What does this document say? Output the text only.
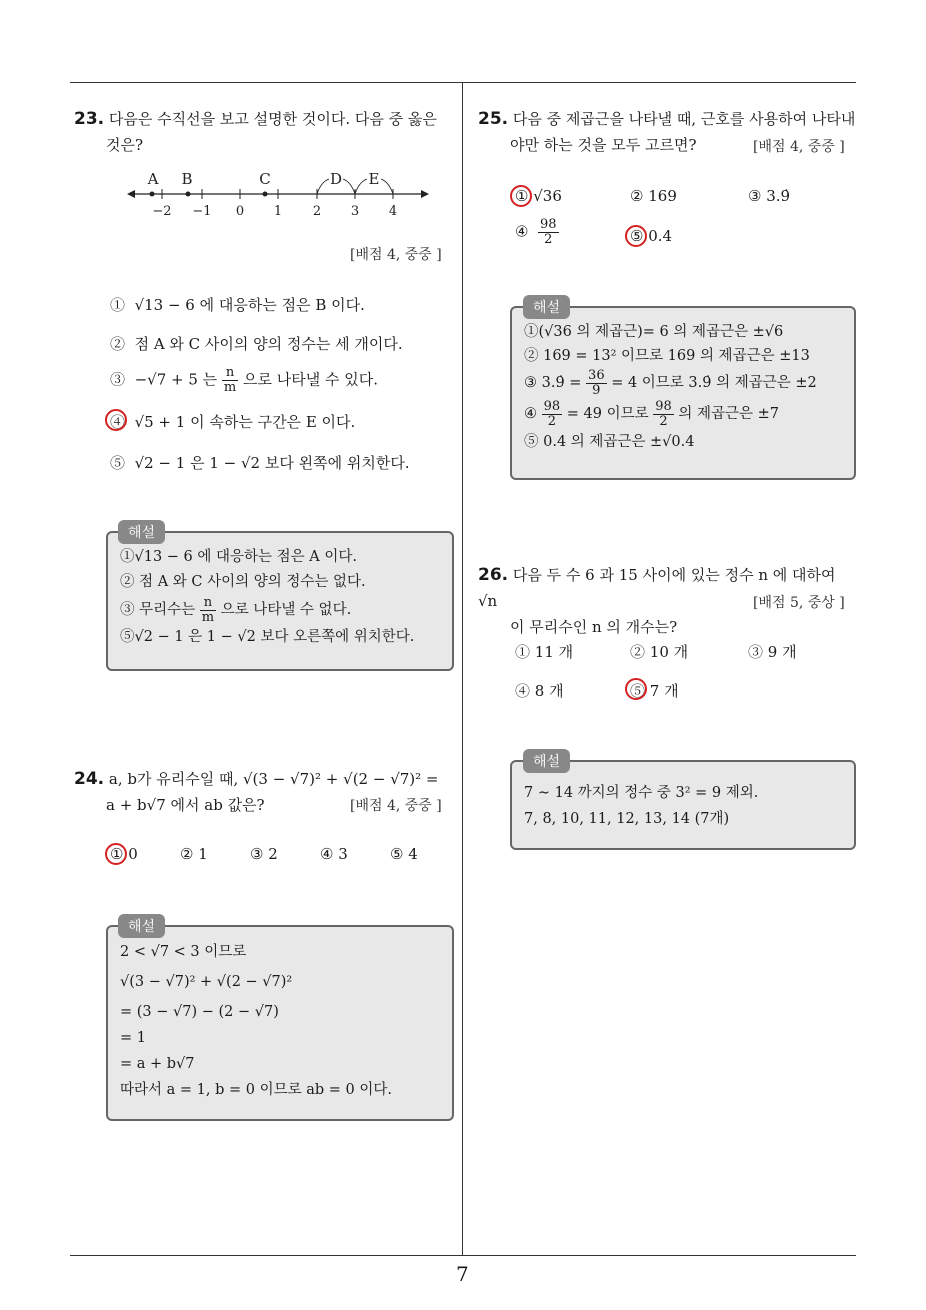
23. 다음은 수직선을 보고 설명한 것이다. 다음 중 옳은
것은?
A B	C	D E
−2 −1 0 1 2 3 4
[배점 4, 중중 ]
① √13 − 6 에 대응하는 점은 B 이다.
② 점 A 와 C 사이의 양의 정수는 세 개이다.
③ −√7 + 5 는 $\frac{n}{m}$ 으로 나타낼 수 있다.
④ √5 + 1 이 속하는 구간은 E 이다.
⑤ √2 − 1 은 1 − √2 보다 왼쪽에 위치한다.
해설
①√13 − 6 에 대응하는 점은 A 이다.
② 점 A 와 C 사이의 양의 정수는 없다.
③ 무리수는 $\frac{n}{m}$ 으로 나타낼 수 없다.
⑤√2 − 1 은 1 − √2 보다 오른쪽에 위치한다.
24. a, b가 유리수일 때, √(3 − √7)² + √(2 − √7)² =
a + b√7 에서 ab 값은?	[배점 4, 중중 ]
① 0	② 1	③ 2	④ 3	⑤ 4
해설
2 < √7 < 3 이므로
√(3 − √7)² + √(2 − √7)²
= (3 − √7) − (2 − √7)
= 1
= a + b√7
따라서 a = 1, b = 0 이므로 ab = 0 이다.
25. 다음 중 제곱근을 나타낼 때, 근호를 사용하여 나타내
야만 하는 것을 모두 고르면?	[배점 4, 중중 ]
① √36	② 169	③ 3.9̇
④ $\frac{98}{2}$	⑤ 0.4
해설
①(√36 의 제곱근)= 6 의 제곱근은 ±√6
② 169 = 13² 이므로 169 의 제곱근은 ±13
③ 3.9̇ = $\frac{36}{9} = 4$ 이므로 3.9̇ 의 제곱근은 ±2
④ $\frac{98}{2} = 49$ 이므로 $\frac{98}{2}$ 의 제곱근은 ±7
⑤ 0.4 의 제곱근은 ±√0.4
26. 다음 두 수 6 과 15 사이에 있는 정수 n 에 대하여 √n
이 무리수인 n 의 개수는?
[배점 5, 중상 ]
① 11 개	② 10 개	③ 9 개
④ 8 개	⑤ 7 개
해설
7 ∼ 14 까지의 정수 중 3² = 9 제외.
7, 8, 10, 11, 12, 13, 14 (7개)
7
